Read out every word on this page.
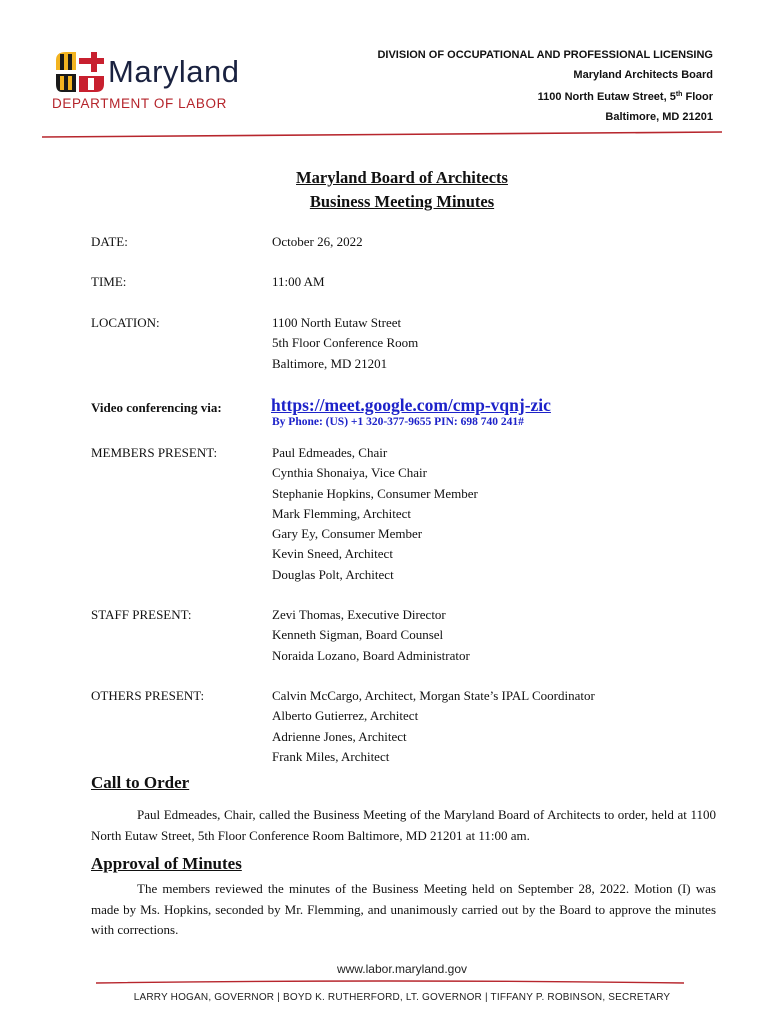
Maryland
DEPARTMENT OF LABOR
DIVISION OF OCCUPATIONAL AND PROFESSIONAL LICENSING
Maryland Architects Board
1100 North Eutaw Street, 5th Floor
Baltimore, MD 21201
Maryland Board of Architects
Business Meeting Minutes
DATE:	October 26, 2022
TIME:	11:00 AM
LOCATION:	1100 North Eutaw Street
5th Floor Conference Room
Baltimore, MD 21201
Video conferencing via:	https://meet.google.com/cmp-vqnj-zic
By Phone: (US) +1 320-377-9655 PIN: 698 740 241#
MEMBERS PRESENT:	Paul Edmeades, Chair
Cynthia Shonaiya, Vice Chair
Stephanie Hopkins, Consumer Member
Mark Flemming, Architect
Gary Ey, Consumer Member
Kevin Sneed, Architect
Douglas Polt, Architect
STAFF PRESENT:	Zevi Thomas, Executive Director
Kenneth Sigman, Board Counsel
Noraida Lozano, Board Administrator
OTHERS PRESENT:	Calvin McCargo, Architect, Morgan State’s IPAL Coordinator
Alberto Gutierrez, Architect
Adrienne Jones, Architect
Frank Miles, Architect
Call to Order
Paul Edmeades, Chair, called the Business Meeting of the Maryland Board of Architects to order, held at 1100 North Eutaw Street, 5th Floor Conference Room Baltimore, MD 21201 at 11:00 am.
Approval of Minutes
The members reviewed the minutes of the Business Meeting held on September 28, 2022. Motion (I) was made by Ms. Hopkins, seconded by Mr. Flemming, and unanimously carried out by the Board to approve the minutes with corrections.
www.labor.maryland.gov
LARRY HOGAN, GOVERNOR | BOYD K. RUTHERFORD, LT. GOVERNOR | TIFFANY P. ROBINSON, SECRETARY
